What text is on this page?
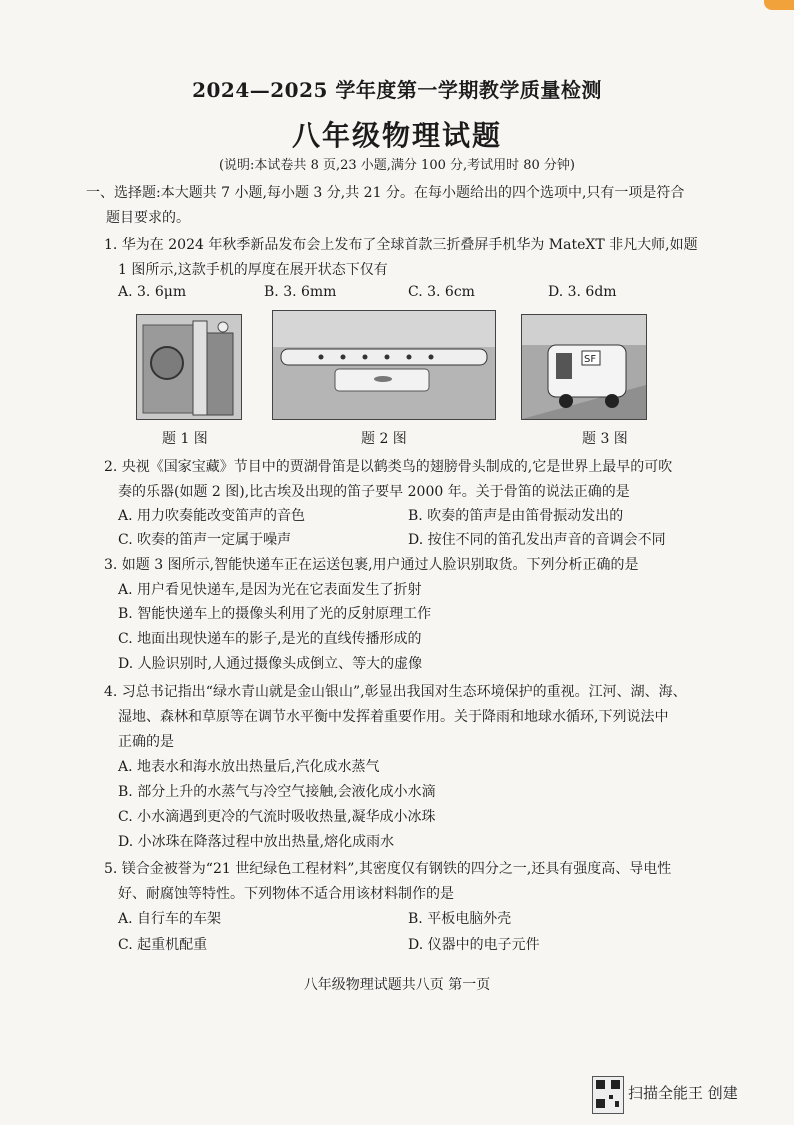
2024—2025 学年度第一学期教学质量检测
八年级物理试题
(说明:本试卷共 8 页,23 小题,满分 100 分,考试用时 80 分钟)
一、选择题:本大题共 7 小题,每小题 3 分,共 21 分。在每小题给出的四个选项中,只有一项是符合
题目要求的。
1. 华为在 2024 年秋季新品发布会上发布了全球首款三折叠屏手机华为 MateXT 非凡大师,如题
1 图所示,这款手机的厚度在展开状态下仅有
A. 3. 6μm	B. 3. 6mm	C. 3. 6cm	D. 3. 6dm
SF
题 1 图	题 2 图	题 3 图
2. 央视《国家宝藏》节目中的贾湖骨笛是以鹤类鸟的翅膀骨头制成的,它是世界上最早的可吹
奏的乐器(如题 2 图),比古埃及出现的笛子要早 2000 年。关于骨笛的说法正确的是
A. 用力吹奏能改变笛声的音色	B. 吹奏的笛声是由笛骨振动发出的
C. 吹奏的笛声一定属于噪声	D. 按住不同的笛孔发出声音的音调会不同
3. 如题 3 图所示,智能快递车正在运送包裹,用户通过人脸识别取货。下列分析正确的是
A. 用户看见快递车,是因为光在它表面发生了折射
B. 智能快递车上的摄像头利用了光的反射原理工作
C. 地面出现快递车的影子,是光的直线传播形成的
D. 人脸识别时,人通过摄像头成倒立、等大的虚像
4. 习总书记指出“绿水青山就是金山银山”,彰显出我国对生态环境保护的重视。江河、湖、海、
湿地、森林和草原等在调节水平衡中发挥着重要作用。关于降雨和地球水循环,下列说法中
正确的是
A. 地表水和海水放出热量后,汽化成水蒸气
B. 部分上升的水蒸气与冷空气接触,会液化成小水滴
C. 小水滴遇到更冷的气流时吸收热量,凝华成小冰珠
D. 小冰珠在降落过程中放出热量,熔化成雨水
5. 镁合金被誉为“21 世纪绿色工程材料”,其密度仅有钢铁的四分之一,还具有强度高、导电性
好、耐腐蚀等特性。下列物体不适合用该材料制作的是
A. 自行车的车架	B. 平板电脑外壳
C. 起重机配重	D. 仪器中的电子元件
八年级物理试题共八页 第一页
扫描全能王 创建
